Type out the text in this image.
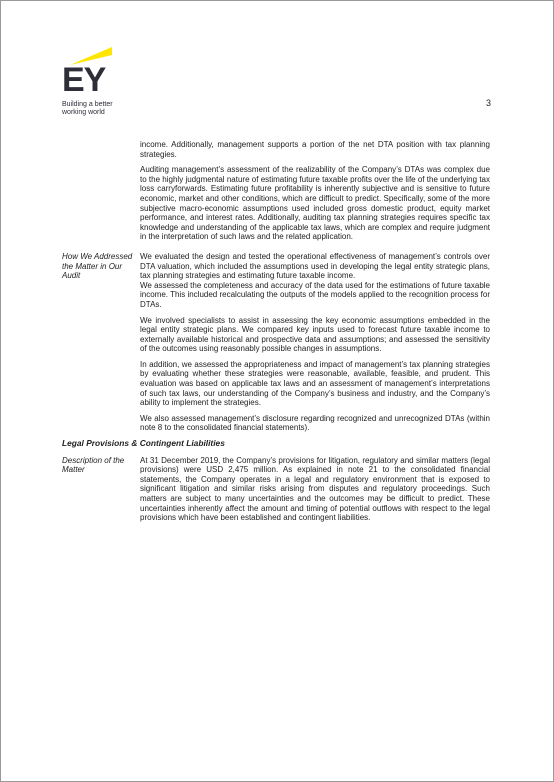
EY
Building a better
working world
3

income. Additionally, management supports a portion of the net DTA position with tax planning strategies.

Auditing management’s assessment of the realizability of the Company’s DTAs was complex due to the highly judgmental nature of estimating future taxable profits over the life of the underlying tax loss carryforwards. Estimating future profitability is inherently subjective and is sensitive to future economic, market and other conditions, which are difficult to predict. Specifically, some of the more subjective macro-economic assumptions used included gross domestic product, equity market performance, and interest rates. Additionally, auditing tax planning strategies requires specific tax knowledge and understanding of the applicable tax laws, which are complex and require judgment in the interpretation of such laws and the related application.

How We Addressed the Matter in Our Audit

We evaluated the design and tested the operational effectiveness of management’s controls over DTA valuation, which included the assumptions used in developing the legal entity strategic plans, tax planning strategies and estimating future taxable income.

We assessed the completeness and accuracy of the data used for the estimations of future taxable income. This included recalculating the outputs of the models applied to the recognition process for DTAs.

We involved specialists to assist in assessing the key economic assumptions embedded in the legal entity strategic plans. We compared key inputs used to forecast future taxable income to externally available historical and prospective data and assumptions; and assessed the sensitivity of the outcomes using reasonably possible changes in assumptions.

In addition, we assessed the appropriateness and impact of management’s tax planning strategies by evaluating whether these strategies were reasonable, available, feasible, and prudent. This evaluation was based on applicable tax laws and an assessment of management’s interpretations of such tax laws, our understanding of the Company’s business and industry, and the Company’s ability to implement the strategies.

We also assessed management’s disclosure regarding recognized and unrecognized DTAs (within note 8 to the consolidated financial statements).

Legal Provisions & Contingent Liabilities
Description of the Matter

At 31 December 2019, the Company’s provisions for litigation, regulatory and similar matters (legal provisions) were USD 2,475 million. As explained in note 21 to the consolidated financial statements, the Company operates in a legal and regulatory environment that is exposed to significant litigation and similar risks arising from disputes and regulatory proceedings. Such matters are subject to many uncertainties and the outcomes may be difficult to predict. These uncertainties inherently affect the amount and timing of potential outflows with respect to the legal provisions which have been established and contingent liabilities.
